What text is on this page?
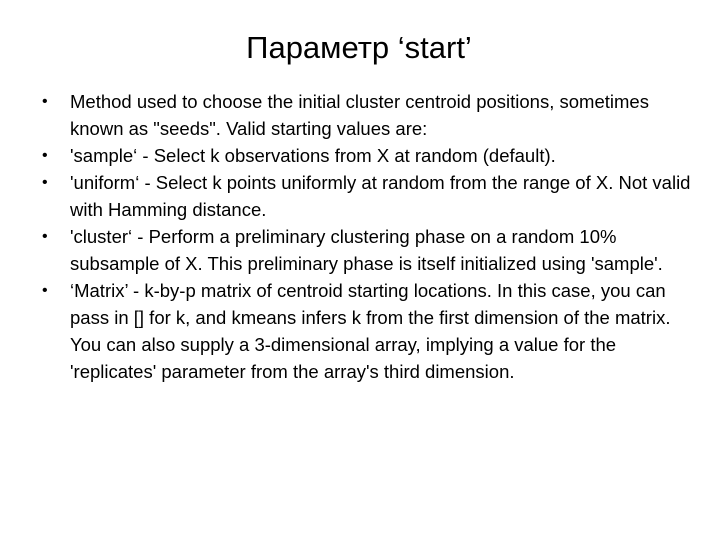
Параметр ‘start’
• Method used to choose the initial cluster centroid positions, sometimes known as "seeds". Valid starting values are:
• 'sample‘ - Select k observations from X at random (default).
• 'uniform‘ - Select k points uniformly at random from the range of X. Not valid with Hamming distance.
• 'cluster‘ - Perform a preliminary clustering phase on a random 10% subsample of X. This preliminary phase is itself initialized using 'sample'.
• ‘Matrix’ - k-by-p matrix of centroid starting locations. In this case, you can pass in [] for k, and kmeans infers k from the first dimension of the matrix. You can also supply a 3-dimensional array, implying a value for the 'replicates' parameter from the array's third dimension.
